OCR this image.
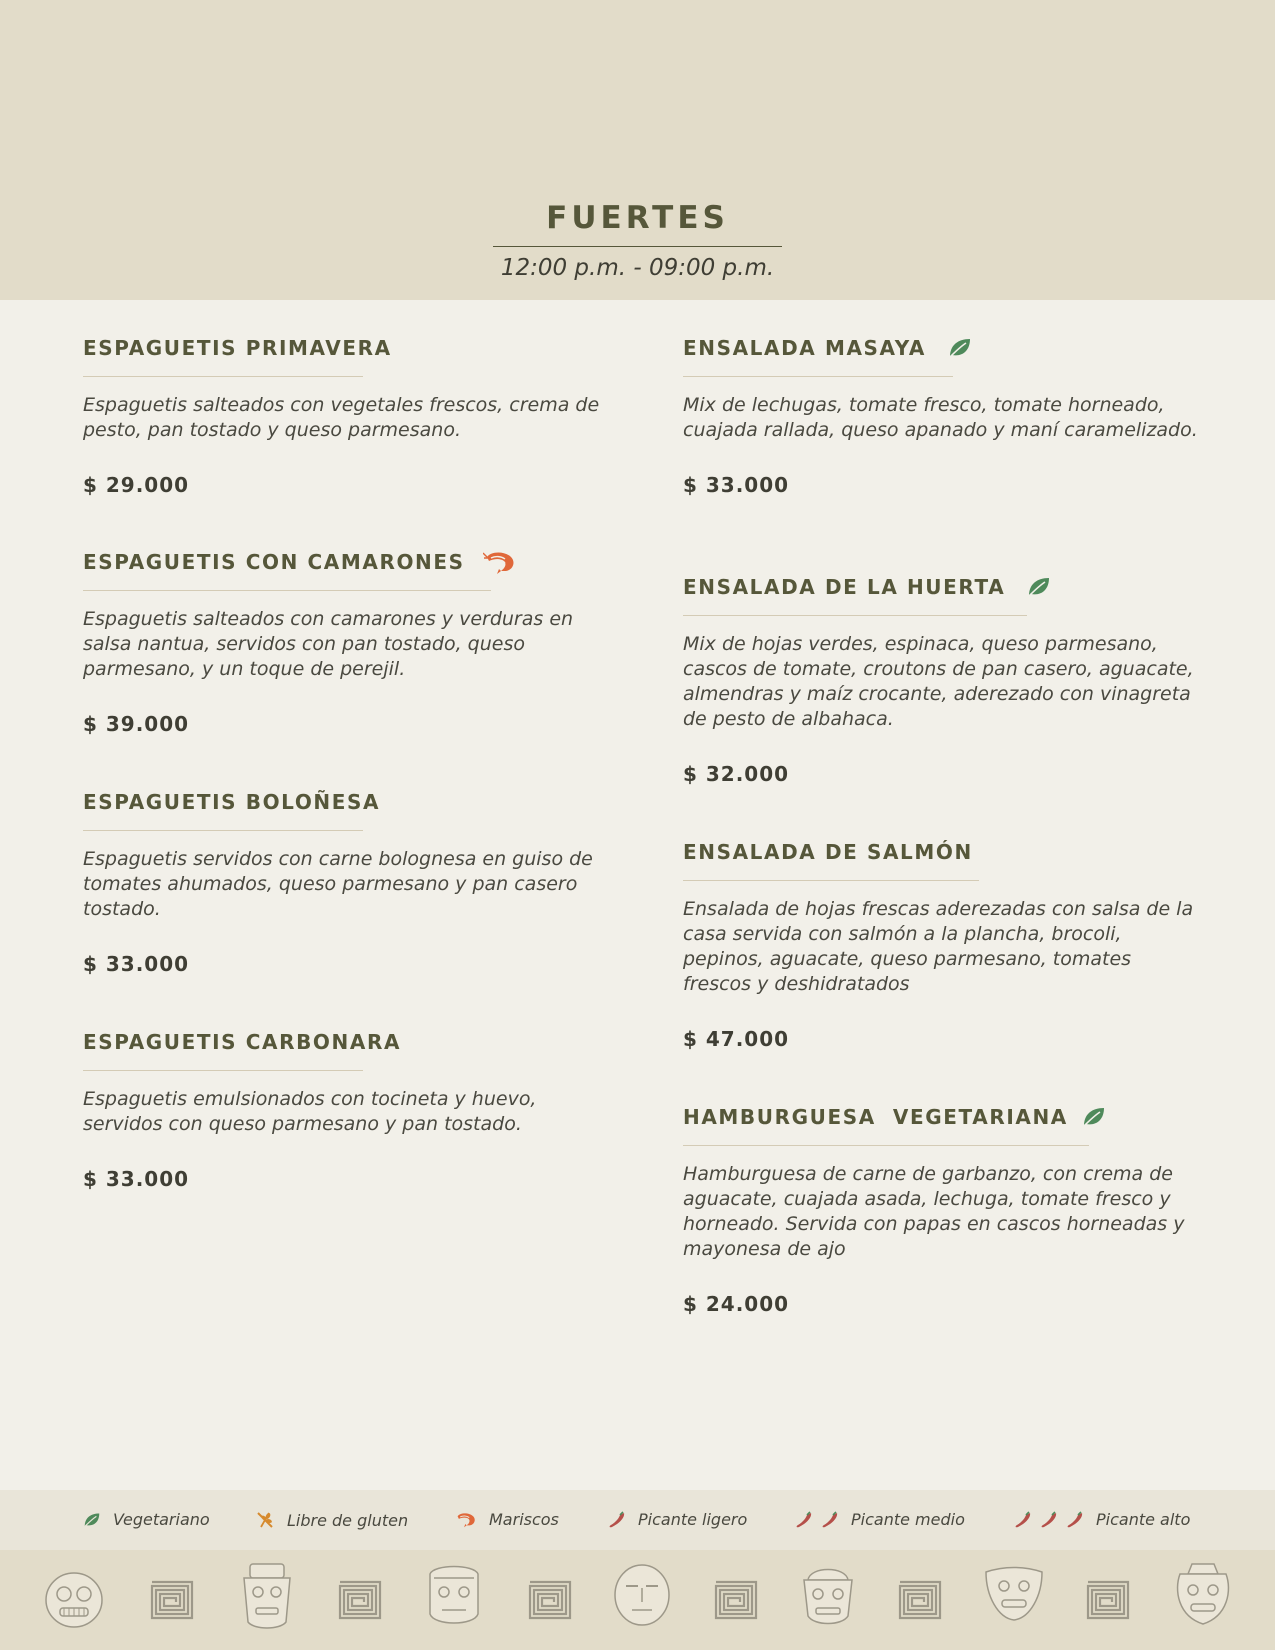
FUERTES
12:00 p.m. - 09:00 p.m.
ESPAGUETIS PRIMAVERA
Espaguetis salteados con vegetales frescos, crema de pesto, pan tostado y queso parmesano.
$ 29.000
ESPAGUETIS CON CAMARONES
Espaguetis salteados con camarones y verduras en salsa nantua, servidos con pan tostado, queso parmesano, y un toque de perejil.
$ 39.000
ESPAGUETIS BOLOÑESA
Espaguetis servidos con carne bolognesa en guiso de tomates ahumados, queso parmesano y pan casero tostado.
$ 33.000
ESPAGUETIS CARBONARA
Espaguetis emulsionados con tocineta y huevo, servidos con queso parmesano y pan tostado.
$ 33.000
ENSALADA MASAYA
Mix de lechugas, tomate fresco, tomate horneado, cuajada rallada, queso apanado y maní caramelizado.
$ 33.000
ENSALADA DE LA HUERTA
Mix de hojas verdes, espinaca, queso parmesano, cascos de tomate, croutons de pan casero, aguacate, almendras y maíz crocante, aderezado con vinagreta de pesto de albahaca.
$ 32.000
ENSALADA DE SALMÓN
Ensalada de hojas frescas aderezadas con salsa de la casa servida con salmón a la plancha, brocoli, pepinos, aguacate, queso parmesano, tomates frescos y deshidratados
$ 47.000
HAMBURGUESA  VEGETARIANA
Hamburguesa de carne de garbanzo, con crema de aguacate, cuajada asada, lechuga, tomate fresco y horneado. Servida con papas en cascos horneadas y mayonesa de ajo
$ 24.000
Vegetariano	Libre de gluten	Mariscos	Picante ligero	Picante medio	Picante alto
